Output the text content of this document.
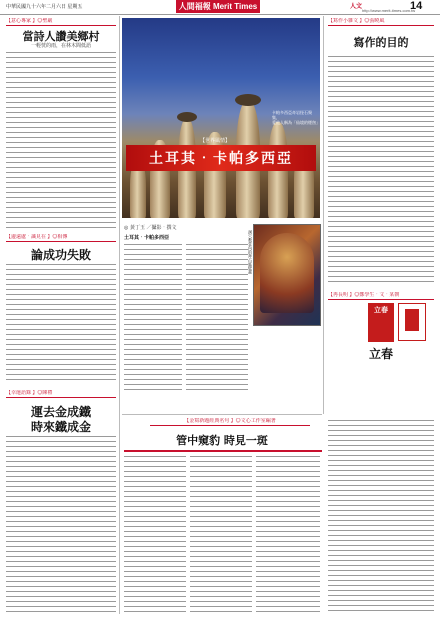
中華民國九十六年二月六日 星期五	人間福報 Merit Times	人文
http://www.merit-times.com.tw
14
【意心專家 】◎聖嚴
當詩人讚美鄉村
一輕恍的雨，在林木間低語
【邊遠處‧識見在 】◎相傳
論成功失敗
【幸運語錄 】◎陳禮
運去金成鐵
時來鐵成金
卡帕多西亞奇岩怪石聚集，
愛他人稱為「仙境的煙囪」
【世界風情】
土耳其‧卡帕多西亞
◎ 黃丁玉 ／攝影‧撰文
土耳其‧卡帕多西亞	洞穴教堂內的拜占庭壁畫
【寫作小雜文 】◎張曉風
寫作的目的
【再長明 】◎鄭學生‧文‧某朝
立春
立春
【金寫新題經典名句 】◎文心工作室編著
管中窺豹 時見一斑
